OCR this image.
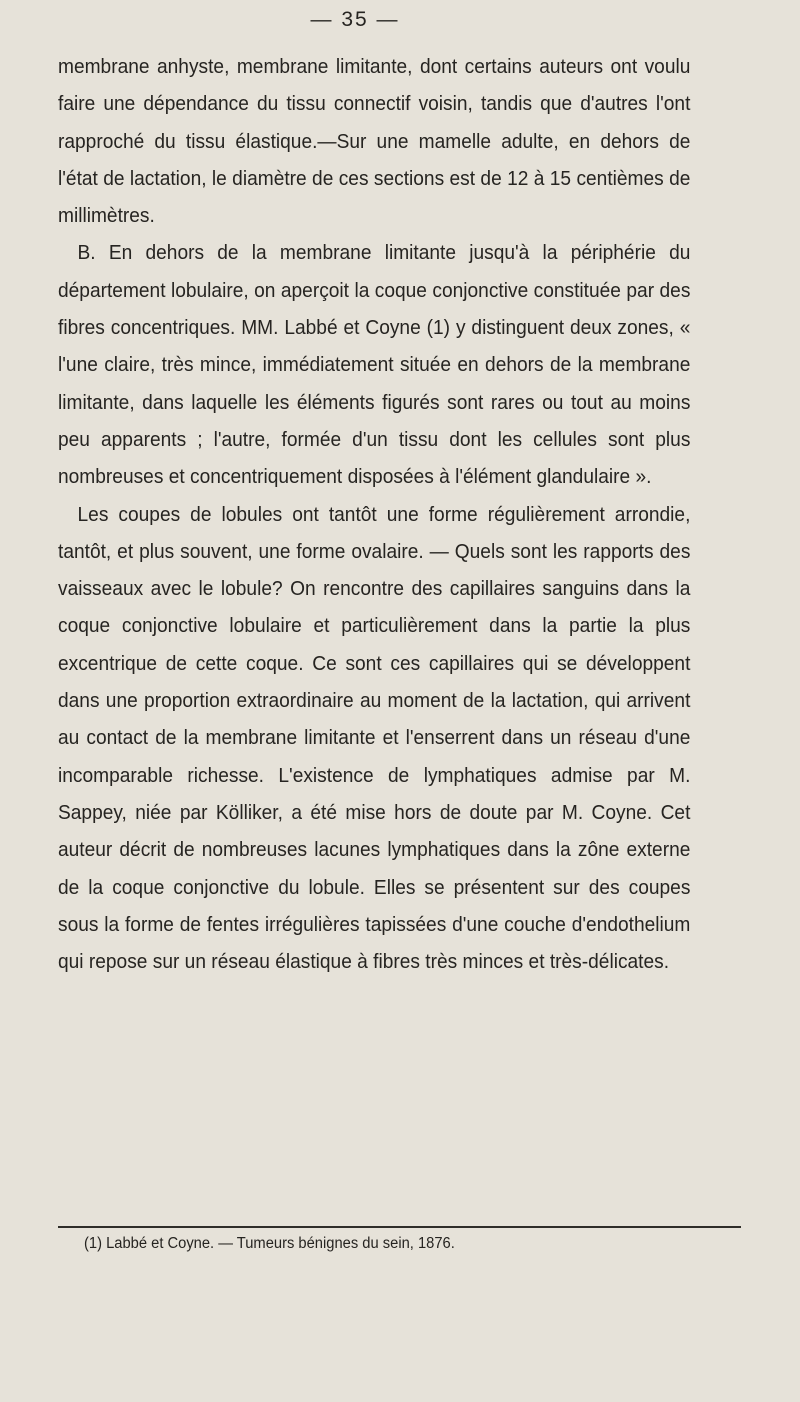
— 35 —

membrane anhyste, membrane limitante, dont certains auteurs ont voulu faire une dépendance du tissu connectif voisin, tandis que d'autres l'ont rapproché du tissu élastique.—Sur une mamelle adulte, en dehors de l'état de lactation, le diamètre de ces sections est de 12 à 15 centièmes de millimètres.

B. En dehors de la membrane limitante jusqu'à la périphérie du département lobulaire, on aperçoit la coque conjonctive constituée par des fibres concentriques. MM. Labbé et Coyne (1) y distinguent deux zones, « l'une claire, très mince, immédiatement située en dehors de la membrane limitante, dans laquelle les éléments figurés sont rares ou tout au moins peu apparents ; l'autre, formée d'un tissu dont les cellules sont plus nombreuses et concentriquement disposées à l'élément glandulaire ».

Les coupes de lobules ont tantôt une forme régulièrement arrondie, tantôt, et plus souvent, une forme ovalaire. — Quels sont les rapports des vaisseaux avec le lobule? On rencontre des capillaires sanguins dans la coque conjonctive lobulaire et particulièrement dans la partie la plus excentrique de cette coque. Ce sont ces capillaires qui se développent dans une proportion extraordinaire au moment de la lactation, qui arrivent au contact de la membrane limitante et l'enserrent dans un réseau d'une incomparable richesse. L'existence de lymphatiques admise par M. Sappey, niée par Kölliker, a été mise hors de doute par M. Coyne. Cet auteur décrit de nombreuses lacunes lymphatiques dans la zône externe de la coque conjonctive du lobule. Elles se présentent sur des coupes sous la forme de fentes irrégulières tapissées d'une couche d'endothelium qui repose sur un réseau élastique à fibres très minces et très-délicates.

(1) Labbé et Coyne. — Tumeurs bénignes du sein, 1876.
